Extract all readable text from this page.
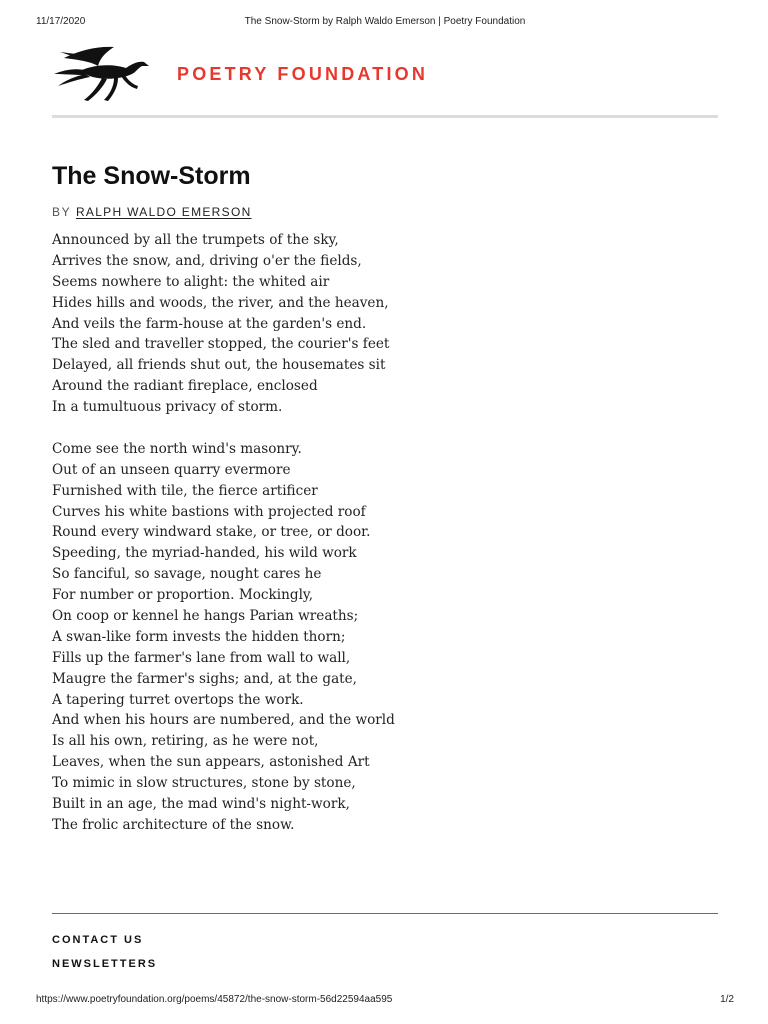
11/17/2020	The Snow-Storm by Ralph Waldo Emerson | Poetry Foundation
POETRY FOUNDATION
The Snow-Storm
BY RALPH WALDO EMERSON

Announced by all the trumpets of the sky,
Arrives the snow, and, driving o'er the fields,
Seems nowhere to alight: the whited air
Hides hills and woods, the river, and the heaven,
And veils the farm-house at the garden's end.
The sled and traveller stopped, the courier's feet
Delayed, all friends shut out, the housemates sit
Around the radiant fireplace, enclosed
In a tumultuous privacy of storm.

Come see the north wind's masonry.
Out of an unseen quarry evermore
Furnished with tile, the fierce artificer
Curves his white bastions with projected roof
Round every windward stake, or tree, or door.
Speeding, the myriad-handed, his wild work
So fanciful, so savage, nought cares he
For number or proportion. Mockingly,
On coop or kennel he hangs Parian wreaths;
A swan-like form invests the hidden thorn;
Fills up the farmer's lane from wall to wall,
Maugre the farmer's sighs; and, at the gate,
A tapering turret overtops the work.
And when his hours are numbered, and the world
Is all his own, retiring, as he were not,
Leaves, when the sun appears, astonished Art
To mimic in slow structures, stone by stone,
Built in an age, the mad wind's night-work,
The frolic architecture of the snow.

CONTACT US
NEWSLETTERS
https://www.poetryfoundation.org/poems/45872/the-snow-storm-56d22594aa595	1/2
